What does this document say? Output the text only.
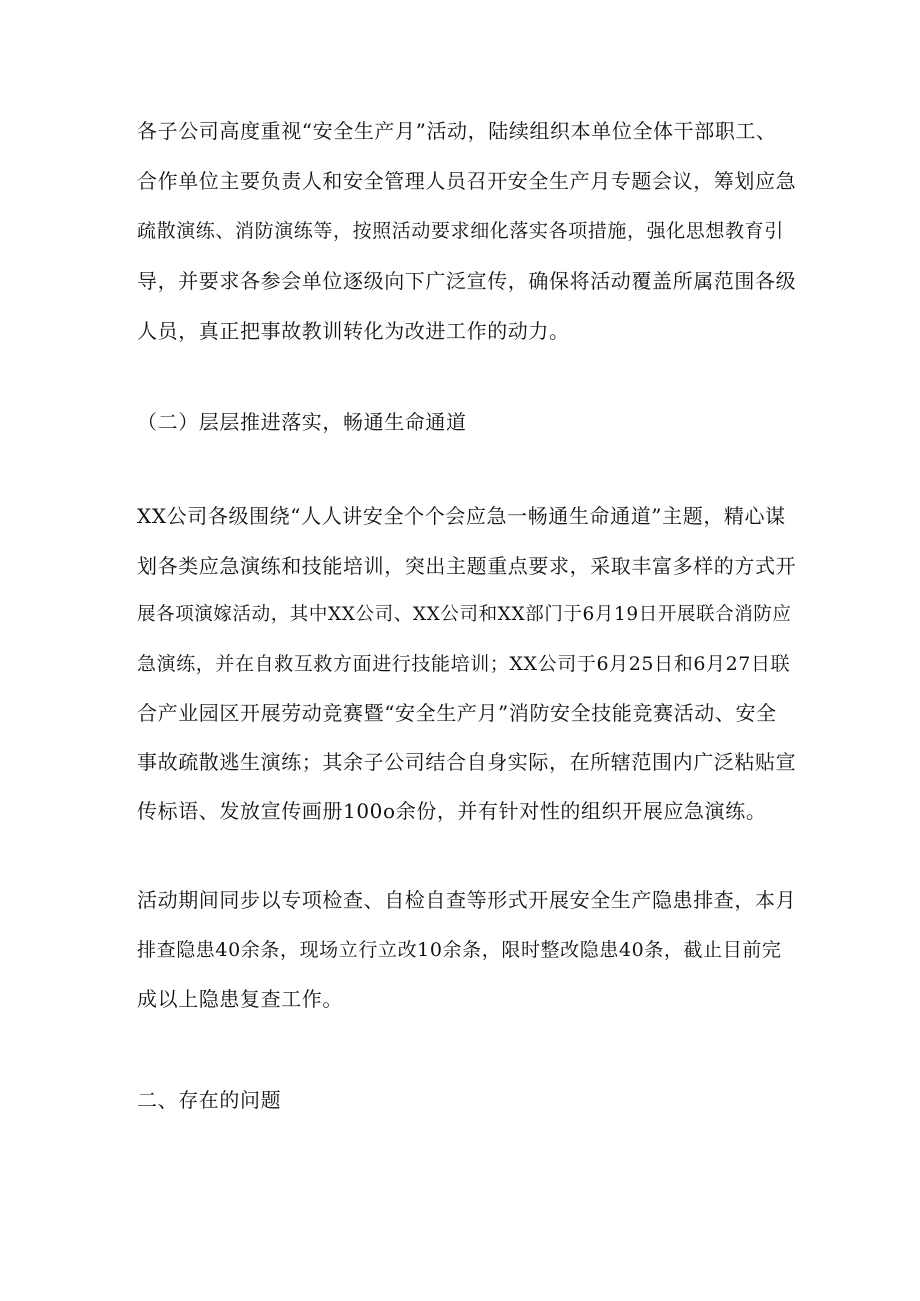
各子公司高度重视“安全生产月”活动，陆续组织本单位全体干部职工、
合作单位主要负责人和安全管理人员召开安全生产月专题会议，筹划应急
疏散演练、消防演练等，按照活动要求细化落实各项措施，强化思想教育引
导，并要求各参会单位逐级向下广泛宣传，确保将活动覆盖所属范围各级
人员，真正把事故教训转化为改进工作的动力。
（二）层层推进落实，畅通生命通道
XX公司各级围绕“人人讲安全个个会应急一畅通生命通道”主题，精心谋
划各类应急演练和技能培训，突出主题重点要求，采取丰富多样的方式开
展各项演嫁活动，其中XX公司、XX公司和XX部门于6月19日开展联合消防应
急演练，并在自救互救方面进行技能培训；XX公司于6月25日和6月27日联
合产业园区开展劳动竞赛暨“安全生产月”消防安全技能竞赛活动、安全
事故疏散逃生演练；其余子公司结合自身实际，在所辖范围内广泛粘贴宣
传标语、发放宣传画册100o余份，并有针对性的组织开展应急演练。
活动期间同步以专项检查、自检自查等形式开展安全生产隐患排查，本月
排查隐患40余条，现场立行立改10余条，限时整改隐患40条，截止目前完
成以上隐患复查工作。
二、存在的问题
